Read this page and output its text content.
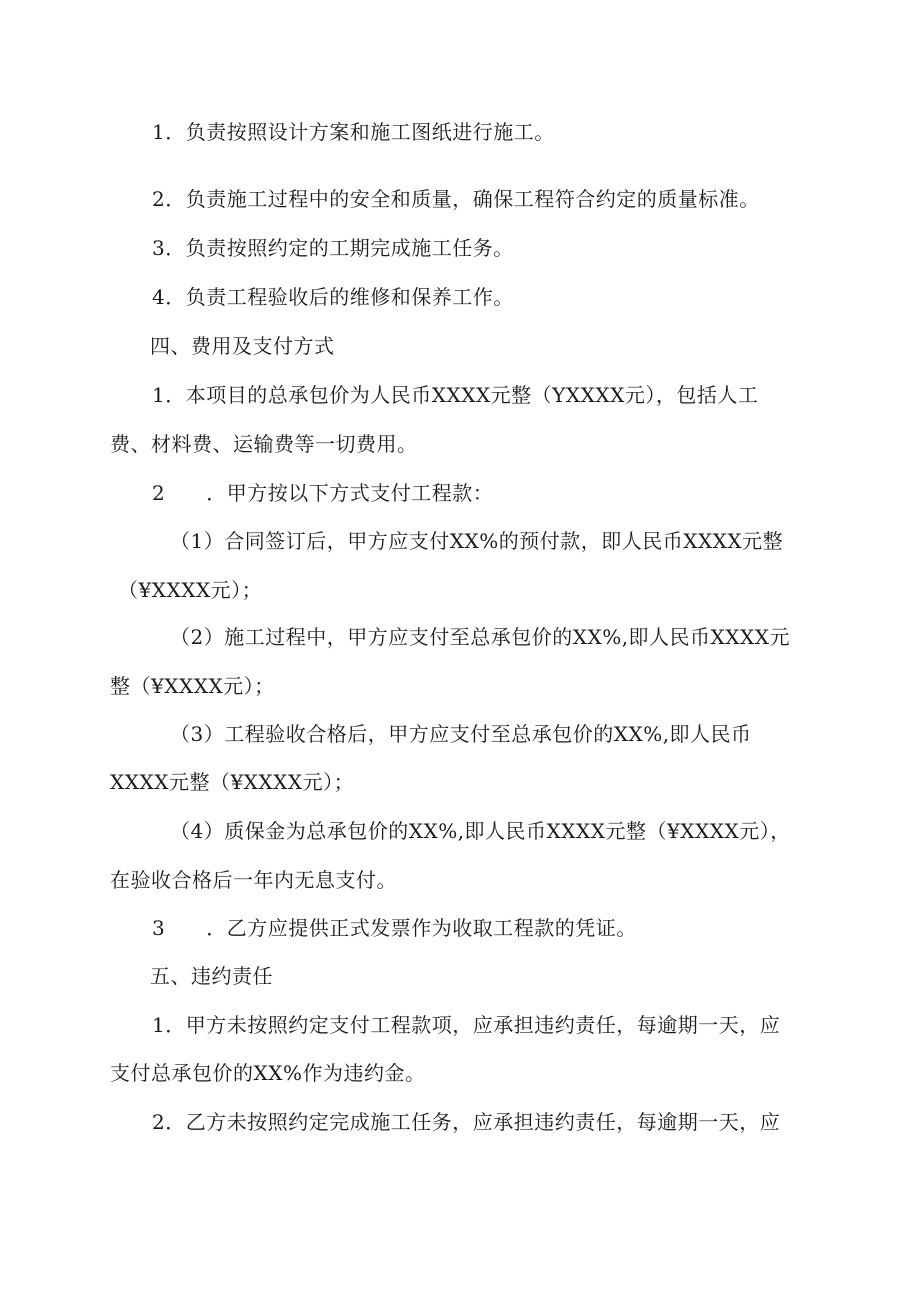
1．负责按照设计方案和施工图纸进行施工。
2．负责施工过程中的安全和质量，确保工程符合约定的质量标准。
3．负责按照约定的工期完成施工任务。
4．负责工程验收后的维修和保养工作。
四、费用及支付方式
1．本项目的总承包价为人民币XXXX元整（YXXXX元），包括人工
费、材料费、运输费等一切费用。
2　　．甲方按以下方式支付工程款：
（1）合同签订后，甲方应支付XX%的预付款，即人民币XXXX元整
（¥XXXX元）；
（2）施工过程中，甲方应支付至总承包价的XX%,即人民币XXXX元
整（¥XXXX元）；
（3）工程验收合格后，甲方应支付至总承包价的XX%,即人民币
XXXX元整（¥XXXX元）；
（4）质保金为总承包价的XX%,即人民币XXXX元整（¥XXXX元），
在验收合格后一年内无息支付。
3　　．乙方应提供正式发票作为收取工程款的凭证。
五、违约责任
1．甲方未按照约定支付工程款项，应承担违约责任，每逾期一天，应
支付总承包价的XX%作为违约金。
2．乙方未按照约定完成施工任务，应承担违约责任，每逾期一天，应
